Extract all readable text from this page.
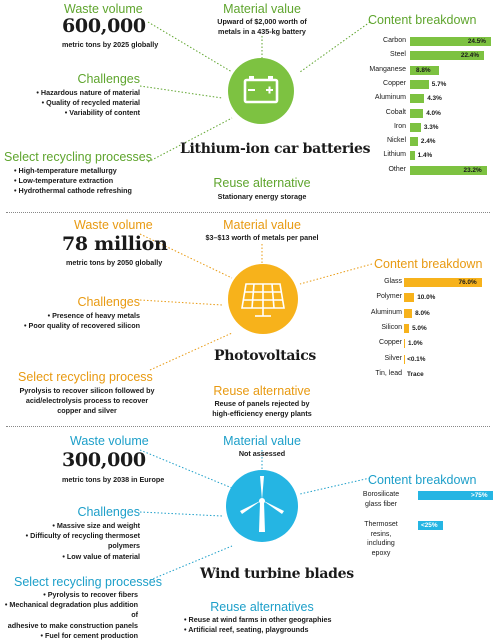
Waste volume
600,000
metric tons by 2025 globally
Material value
Upward of $2,000 worth of
metals in a 435-kg battery
Challenges
• Hazardous nature of material
• Quality of recycled material
• Variability of content
Select recycling processes
• High-temperature metallurgy
• Low-temperature extraction
• Hydrothermal cathode refreshing
Lithium-ion car batteries
Reuse alternative
Stationary energy storage
Content breakdown
Carbon	24.5%
Steel	22.4%
Manganese 8.8%
Copper	5.7%
Aluminum	4.3%
Cobalt	4.0%
Iron	3.3%
Nickel 2.4%
Lithium 1.4%
Other	23.2%
Waste volume
78 million
metric tons by 2050 globally
Material value
$3–$13 worth of metals per panel
Challenges
• Presence of heavy metals
• Poor quality of recovered silicon
Select recycling process
Pyrolysis to recover silicon followed by
acid/electrolysis process to recover
copper and silver
Photovoltaics
Reuse alternative
Reuse of panels rejected by
high-efficiency energy plants
Content breakdown
Glass	76.0%
Polymer 10.0%
Aluminum 8.0%
Silicon 5.0%
Copper 1.0%
Silver <0.1%
Tin, lead Trace
Waste volume
300,000
metric tons by 2038 in Europe
Material value
Not assessed
Challenges
• Massive size and weight
• Difficulty of recycling thermoset polymers
• Low value of material
Select recycling processes
• Pyrolysis to recover fibers
• Mechanical degradation plus addition of
adhesive to make construction panels
• Fuel for cement production
Wind turbine blades
Reuse alternatives
• Reuse at wind farms in other geographies
• Artificial reef, seating, playgrounds
Content breakdown
Borosilicate
glass fiber
>75%
Thermoset
resins,
including
epoxy
<25%
